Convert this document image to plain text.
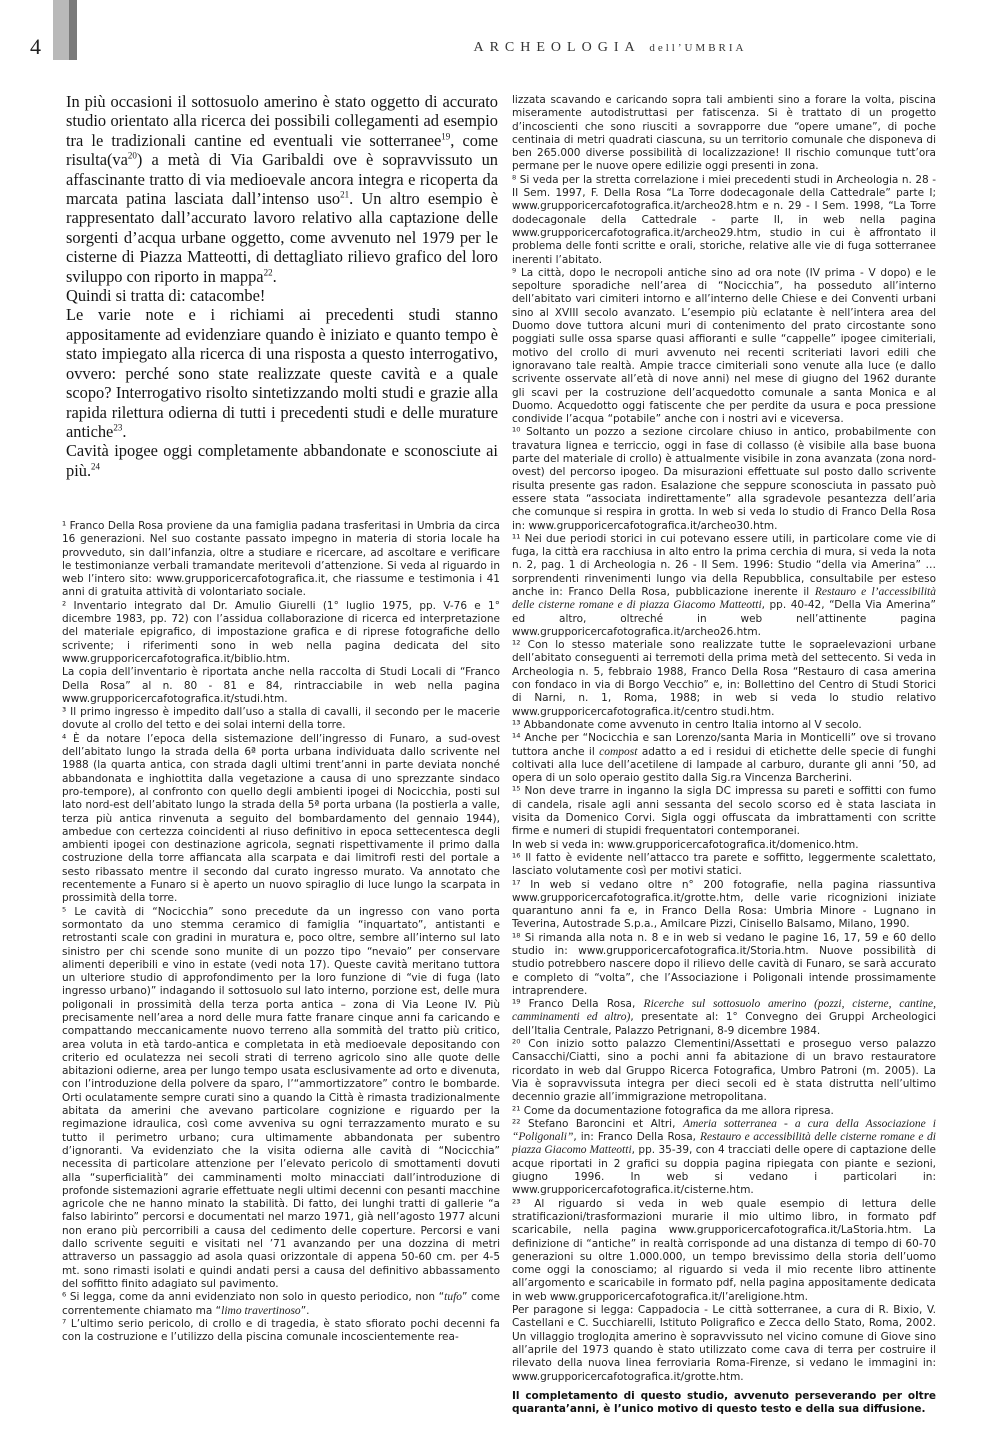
4	ARCHEOLOGIA dell’UMBRIA

In più occasioni il sottosuolo amerino è stato oggetto di accurato studio orientato alla ricerca dei possibili collegamenti ad esempio tra le tradizionali cantine ed eventuali vie sotterranee$^{19}$, come $risulta(va^{20})$ a metà di Via Garibaldi ove è sopravvissuto un affascinante tratto di via medioevale ancora integra e ricoperta da marcata patina lasciata dall’intenso uso$^{21}$. Un altro esempio è rappresentato dall’accurato lavoro relativo alla captazione delle sorgenti d’acqua urbane oggetto, come avvenuto nel 1979 per le cisterne di Piazza Matteotti, di dettagliato rilievo grafico del loro sviluppo con riporto in mappa$^{22}$.

Quindi si tratta di: catacombe!

Le varie note e i richiami ai precedenti studi stanno appositamente ad evidenziare quando è iniziato e quanto tempo è stato impiegato alla ricerca di una risposta a questo interrogativo, ovvero: perché sono state realizzate queste cavità e a quale scopo? Interrogativo risolto sintetizzando molti studi e grazie alla rapida rilettura odierna di tutti i precedenti studi e delle murature antiche$^{23}$.

Cavità ipogee oggi completamente abbandonate e sconosciute ai più.$^{24}$

¹ Franco Della Rosa proviene da una famiglia padana trasferitasi in Umbria da circa 16 generazioni. Nel suo costante passato impegno in materia di storia locale ha provveduto, sin dall’infanzia, oltre a studiare e ricercare, ad ascoltare e verificare le testimonianze verbali tramandate meritevoli d’attenzione. Si veda al riguardo in web l’intero sito: www.grupporicercafotografica.it, che riassume e testimonia i 41 anni di gratuita attività di volontariato sociale.

² Inventario integrato dal Dr. Amulio Giurelli (1° luglio 1975, pp. V-76 e 1° dicembre 1983, pp. 72) con l’assidua collaborazione di ricerca ed interpretazione del materiale epigrafico, di impostazione grafica e di riprese fotografiche dello scrivente; i riferimenti sono in web nella pagina dedicata del sito www.grupporicercafotografica.it/biblio.htm.

La copia dell’inventario è riportata anche nella raccolta di Studi Locali di “Franco Della Rosa” al n. 80 - 81 e 84, rintracciabile in web nella pagina www.grupporicercafotografica.it/studi.htm.

³ Il primo ingresso è impedito dall’uso a stalla di cavalli, il secondo per le macerie dovute al crollo del tetto e dei solai interni della torre.

⁴ È da notare l’epoca della sistemazione dell’ingresso di Funaro, a sud-ovest dell’abitato lungo la strada della 6ª porta urbana individuata dallo scrivente nel 1988 (la quarta antica, con strada dagli ultimi trent’anni in parte deviata nonché abbandonata e inghiottita dalla vegetazione a causa di uno sprezzante sindaco pro-tempore), al confronto con quello degli ambienti ipogei di Nocicchia, posti sul lato nord-est dell’abitato lungo la strada della 5ª porta urbana (la postierla a valle, terza più antica rinvenuta a seguito del bombardamento del gennaio 1944), ambedue con certezza coincidenti al riuso definitivo in epoca settecentesca degli ambienti ipogei con destinazione agricola, segnati rispettivamente il primo dalla costruzione della torre affiancata alla scarpata e dai limitrofi resti del portale a sesto ribassato mentre il secondo dal curato ingresso murato. Va annotato che recentemente a Funaro si è aperto un nuovo spiraglio di luce lungo la scarpata in prossimità della torre.

⁵ Le cavità di “Nocicchia” sono precedute da un ingresso con vano porta sormontato da uno stemma ceramico di famiglia “inquartato”, antistanti e retrostanti scale con gradini in muratura e, poco oltre, sembre all’interno sul lato sinistro per chi scende sono munite di un pozzo tipo “nevaio” per conservare alimenti deperibili e vino in estate (vedi nota 17). Queste cavità meritano tuttora un ulteriore studio di approfondimento per la loro funzione di “vie di fuga (lato ingresso urbano)” indagando il sottosuolo sul lato interno, porzione est, delle mura poligonali in prossimità della terza porta antica – zona di Via Leone IV. Più precisamente nell’area a nord delle mura fatte franare cinque anni fa caricando e compattando meccanicamente nuovo terreno alla sommità del tratto più critico, area voluta in età tardo-antica e completata in età medioevale depositando con criterio ed oculatezza nei secoli strati di terreno agricolo sino alle quote delle abitazioni odierne, area per lungo tempo usata esclusivamente ad orto e divenuta, con l’introduzione della polvere da sparo, l’“ammortizzatore” contro le bombarde. Orti oculatamente sempre curati sino a quando la Città è rimasta tradizionalmente abitata da amerini che avevano particolare cognizione e riguardo per la regimazione idraulica, così come avveniva su ogni terrazzamento murato e su tutto il perimetro urbano; cura ultimamente abbandonata per subentro d’ignoranti. Va evidenziato che la visita odierna alle cavità di “Nocicchia” necessita di particolare attenzione per l’elevato pericolo di smottamenti dovuti alla “superficialità” dei camminamenti molto minacciati dall’introduzione di profonde sistemazioni agrarie effettuate negli ultimi decenni con pesanti macchine agricole che ne hanno minato la stabilità. Di fatto, dei lunghi tratti di gallerie “a falso labirinto” percorsi e documentati nel marzo 1971, già nell’agosto 1977 alcuni non erano più percorribili a causa del cedimento delle coperture. Percorsi e vani dallo scrivente seguiti e visitati nel ’71 avanzando per una dozzina di metri attraverso un passaggio ad asola quasi orizzontale di appena 50-60 cm. per 4-5 mt. sono rimasti isolati e quindi andati persi a causa del definitivo abbassamento del soffitto finito adagiato sul pavimento.

⁶ Si legga, come da anni evidenziato non solo in questo periodico, non “tufo” come correntemente chiamato ma “limo travertinoso”.

⁷ L’ultimo serio pericolo, di crollo e di tragedia, è stato sfiorato pochi decenni fa con la costruzione e l’utilizzo della piscina comunale incoscientemente rea-

lizzata scavando e caricando sopra tali ambienti sino a forare la volta, piscina miseramente autodistruttasi per fatiscenza. Si è trattato di un progetto d’incoscienti che sono riusciti a sovrapporre due “opere umane”, di poche centinaia di metri quadrati ciascuna, su un territorio comunale che disponeva di ben 265.000 diverse possibilità di localizzazione! Il rischio comunque tutt’ora permane per le nuove opere edilizie oggi presenti in zona.

⁸ Si veda per la stretta correlazione i miei precedenti studi in Archeologia n. 28 - II Sem. 1997, F. Della Rosa “La Torre dodecagonale della Cattedrale” parte I; www.grupporicercafotografica.it/archeo28.htm e n. 29 - I Sem. 1998, “La Torre dodecagonale della Cattedrale - parte II, in web nella pagina www.grupporicercafotografica.it/archeo29.htm, studio in cui è affrontato il problema delle fonti scritte e orali, storiche, relative alle vie di fuga sotterranee inerenti l’abitato.

⁹ La città, dopo le necropoli antiche sino ad ora note (IV prima - V dopo) e le sepolture sporadiche nell’area di “Nocicchia”, ha posseduto all’interno dell’abitato vari cimiteri intorno e all’interno delle Chiese e dei Conventi urbani sino al XVIII secolo avanzato. L’esempio più eclatante è nell’intera area del Duomo dove tuttora alcuni muri di contenimento del prato circostante sono poggiati sulle ossa sparse quasi affioranti e sulle “cappelle” ipogee cimiteriali, motivo del crollo di muri avvenuto nei recenti scriteriati lavori edili che ignoravano tale realtà. Ampie tracce cimiteriali sono venute alla luce (e dallo scrivente osservate all’età di nove anni) nel mese di giugno del 1962 durante gli scavi per la costruzione dell’acquedotto comunale a santa Monica e al Duomo. Acquedotto oggi fatiscente che per perdite da usura e poca pressione condivide l’acqua “potabile” anche con i nostri avi e viceversa.

¹⁰ Soltanto un pozzo a sezione circolare chiuso in antico, probabilmente con travatura lignea e terriccio, oggi in fase di collasso (è visibile alla base buona parte del materiale di crollo) è attualmente visibile in zona avanzata (zona nord-ovest) del percorso ipogeo. Da misurazioni effettuate sul posto dallo scrivente risulta presente gas radon. Esalazione che seppure sconosciuta in passato può essere stata “associata indirettamente” alla sgradevole pesantezza dell’aria che comunque si respira in grotta. In web si veda lo studio di Franco Della Rosa in: www.grupporicercafotografica.it/archeo30.htm.

¹¹ Nei due periodi storici in cui potevano essere utili, in particolare come vie di fuga, la città era racchiusa in alto entro la prima cerchia di mura, si veda la nota n. 2, pag. 1 di Archeologia n. 26 - II Sem. 1996: Studio “della via Amerina” … sorprendenti rinvenimenti lungo via della Repubblica, consultabile per esteso anche in: Franco Della Rosa, pubblicazione inerente il Restauro e l’accessibilità delle cisterne romane e di piazza Giacomo Matteotti, pp. 40-42, “Della Via Amerina” ed altro, oltreché in web nell’attinente pagina www.grupporicercafotografica.it/archeo26.htm.

¹² Con lo stesso materiale sono realizzate tutte le sopraelevazioni urbane dell’abitato conseguenti ai terremoti della prima metà del settecento. Si veda in Archeologia n. 5, febbraio 1988, Franco Della Rosa “Restauro di casa amerina con fondaco in via di Borgo Vecchio” e, in: Bollettino del Centro di Studi Storici di Narni, n. 1, Roma, 1988; in web si veda lo studio relativo www.grupporicercafotografica.it/centro studi.htm.

¹³ Abbandonate come avvenuto in centro Italia intorno al V secolo.

¹⁴ Anche per “Nocicchia e san Lorenzo/santa Maria in Monticelli” ove si trovano tuttora anche il compost adatto a ed i residui di etichette delle specie di funghi coltivati alla luce dell’acetilene di lampade al carburo, durante gli anni ’50, ad opera di un solo operaio gestito dalla Sig.ra Vincenza Barcherini.

¹⁵ Non deve trarre in inganno la sigla DC impressa su pareti e soffitti con fumo di candela, risale agli anni sessanta del secolo scorso ed è stata lasciata in visita da Domenico Corvi. Sigla oggi offuscata da imbrattamenti con scritte firme e numeri di stupidi frequentatori contemporanei.

In web si veda in: www.grupporicercafotografica.it/domenico.htm.

¹⁶ Il fatto è evidente nell’attacco tra parete e soffitto, leggermente scalettato, lasciato volutamente così per motivi statici.

¹⁷ In web si vedano oltre n° 200 fotografie, nella pagina riassuntiva www.grupporicercafotografica.it/grotte.htm, delle varie ricognizioni iniziate quarantuno anni fa e, in Franco Della Rosa: Umbria Minore - Lugnano in Teverina, Autostrade S.p.a., Amilcare Pizzi, Cinisello Balsamo, Milano, 1990.

¹⁸ Si rimanda alla nota n. 8 e in web si vedano le pagine 16, 17, 59 e 60 dello studio in: www.grupporicercafotografica.it/Storia.htm. Nuove possibilità di studio potrebbero nascere dopo il rilievo delle cavità di Funaro, se sarà accurato e completo di “volta”, che l’Associazione i Poligonali intende prossimamente intraprendere.

¹⁹ Franco Della Rosa, Ricerche sul sottosuolo amerino (pozzi, cisterne, cantine, camminamenti ed altro), presentate al: 1° Convegno dei Gruppi Archeologici dell’Italia Centrale, Palazzo Petrignani, 8-9 dicembre 1984.

²⁰ Con inizio sotto palazzo Clementini/Assettati e proseguo verso palazzo Cansacchi/Ciatti, sino a pochi anni fa abitazione di un bravo restauratore ricordato in web dal Gruppo Ricerca Fotografica, Umbro Patroni (m. 2005). La Via è sopravvissuta integra per dieci secoli ed è stata distrutta nell’ultimo decennio grazie all’immigrazione metropolitana.

²¹ Come da documentazione fotografica da me allora ripresa.

²² Stefano Baroncini et Altri, Ameria sotterranea - a cura della Associazione i “Poligonali”, in: Franco Della Rosa, Restauro e accessibilità delle cisterne romane e di piazza Giacomo Matteotti, pp. 35-39, con 4 tracciati delle opere di captazione delle acque riportati in 2 grafici su doppia pagina ripiegata con piante e sezioni, giugno 1996. In web si vedano i particolari in: www.grupporicercafotografica.it/cisterne.htm.

²³ Al riguardo si veda in web quale esempio di lettura delle stratificazioni/trasformazioni murarie il mio ultimo libro, in formato pdf scaricabile, nella pagina www.grupporicercafotografica.it/LaStoria.htm. La definizione di “antiche” in realtà corrisponde ad una distanza di tempo di 60-70 generazioni su oltre 1.000.000, un tempo brevissimo della storia dell’uomo come oggi la conosciamo; al riguardo si veda il mio recente libro attinente all’argomento e scaricabile in formato pdf, nella pagina appositamente dedicata in web www.grupporicercafotografica.it/l’areligione.htm.

Per paragone si legga: Cappadocia - Le città sotterranee, a cura di R. Bixio, V. Castellani e C. Succhiarelli, Istituto Poligrafico e Zecca dello Stato, Roma, 2002. Un villaggio trogloдita amerino è sopravvissuto nel vicino comune di Giove sino all’aprile del 1973 quando è stato utilizzato come cava di terra per costruire il rilevato della nuova linea ferroviaria Roma-Firenze, si vedano le immagini in: www.grupporicercafotografica.it/grotte.htm.

Il completamento di questo studio, avvenuto perseverando per oltre quaranta’anni, è l’unico motivo di questo testo e della sua diffusione.
